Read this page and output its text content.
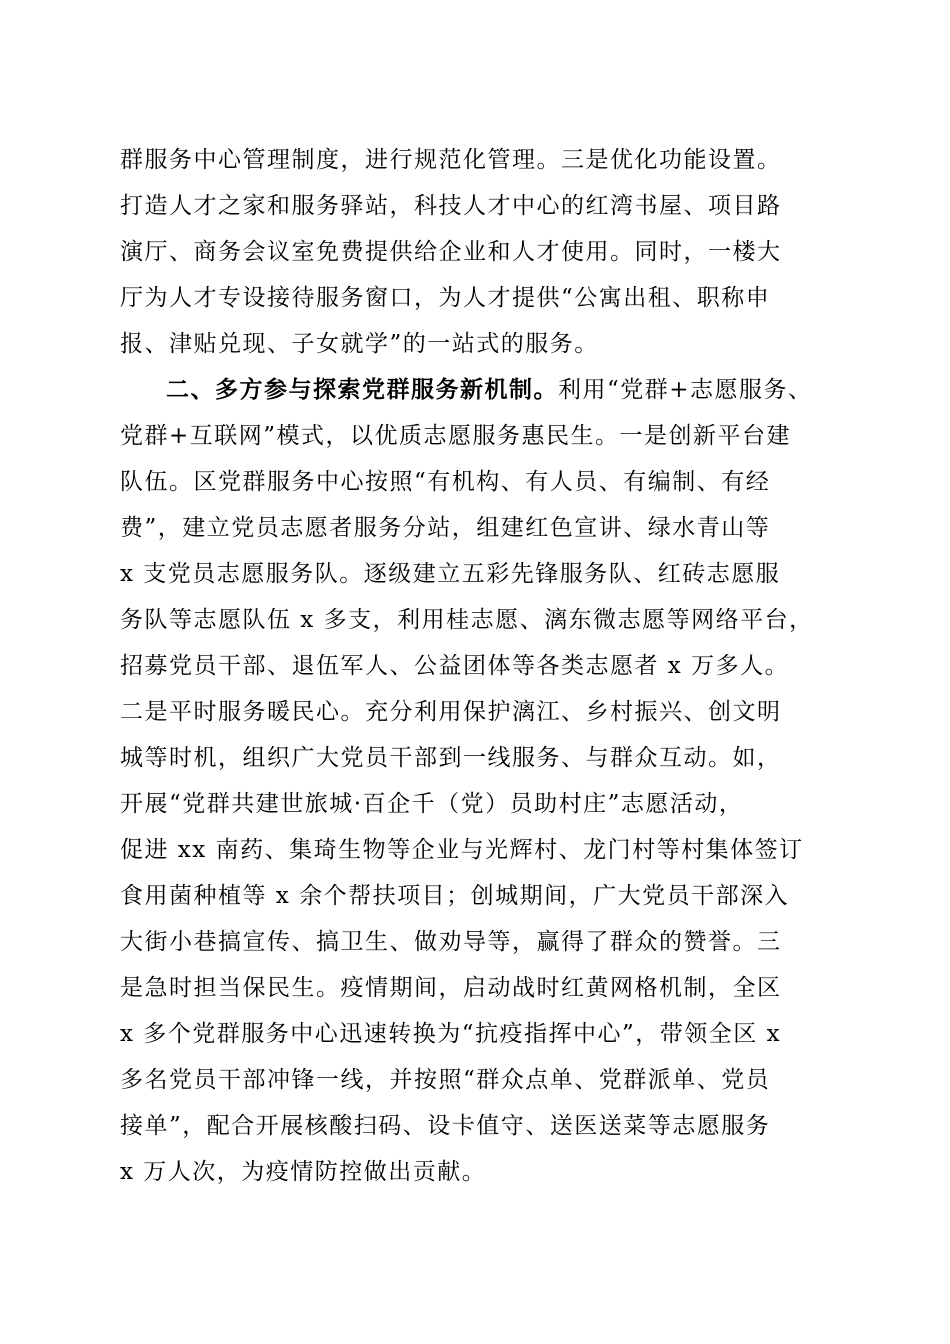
群服务中心管理制度，进行规范化管理。三是优化功能设置。
打造人才之家和服务驿站，科技人才中心的红湾书屋、项目路
演厅、商务会议室免费提供给企业和人才使用。同时，一楼大
厅为人才专设接待服务窗口，为人才提供“公寓出租、职称申
报、津贴兑现、子女就学”的一站式的服务。
二、多方参与探索党群服务新机制。利用“党群+志愿服务、
党群+互联网”模式，以优质志愿服务惠民生。一是创新平台建
队伍。区党群服务中心按照“有机构、有人员、有编制、有经
费”，建立党员志愿者服务分站，组建红色宣讲、绿水青山等
x 支党员志愿服务队。逐级建立五彩先锋服务队、红砖志愿服
务队等志愿队伍 x 多支，利用桂志愿、漓东微志愿等网络平台，
招募党员干部、退伍军人、公益团体等各类志愿者 x 万多人。
二是平时服务暖民心。充分利用保护漓江、乡村振兴、创文明
城等时机，组织广大党员干部到一线服务、与群众互动。如，
开展“党群共建世旅城·百企千（党）员助村庄”志愿活动，
促进 xx 南药、集琦生物等企业与光辉村、龙门村等村集体签订
食用菌种植等 x 余个帮扶项目；创城期间，广大党员干部深入
大街小巷搞宣传、搞卫生、做劝导等，赢得了群众的赞誉。三
是急时担当保民生。疫情期间，启动战时红黄网格机制，全区
x 多个党群服务中心迅速转换为“抗疫指挥中心”，带领全区 x
多名党员干部冲锋一线，并按照“群众点单、党群派单、党员
接单”，配合开展核酸扫码、设卡值守、送医送菜等志愿服务
x 万人次，为疫情防控做出贡献。
